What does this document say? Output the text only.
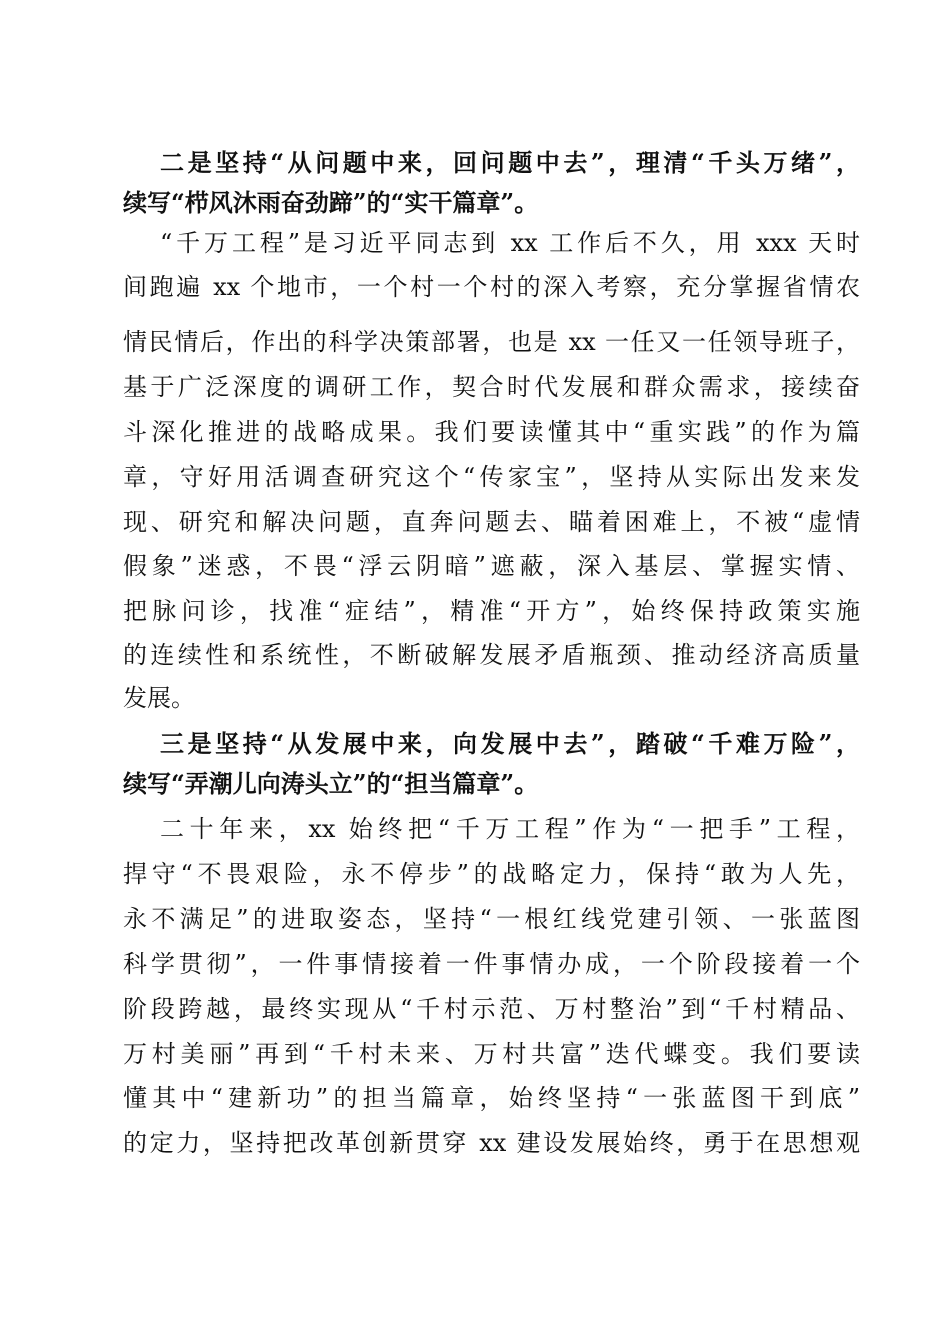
二是坚持“从问题中来，回问题中去”，理清“千头万绪”，
续写“栉风沐雨奋劲蹄”的“实干篇章”。
“千万工程”是习近平同志到 xx 工作后不久，用 xxx 天时
间跑遍 xx 个地市，一个村一个村的深入考察，充分掌握省情农
情民情后，作出的科学决策部署，也是 xx 一任又一任领导班子，
基于广泛深度的调研工作，契合时代发展和群众需求，接续奋
斗深化推进的战略成果。我们要读懂其中“重实践”的作为篇
章，守好用活调查研究这个“传家宝”，坚持从实际出发来发
现、研究和解决问题，直奔问题去、瞄着困难上，不被“虚情
假象”迷惑，不畏“浮云阴暗”遮蔽，深入基层、掌握实情、
把脉问诊，找准“症结”，精准“开方”，始终保持政策实施
的连续性和系统性，不断破解发展矛盾瓶颈、推动经济高质量
发展。
三是坚持“从发展中来，向发展中去”，踏破“千难万险”，
续写“弄潮儿向涛头立”的“担当篇章”。
二十年来，xx 始终把“千万工程”作为“一把手”工程，
捍守“不畏艰险，永不停步”的战略定力，保持“敢为人先，
永不满足”的进取姿态，坚持“一根红线党建引领、一张蓝图
科学贯彻”，一件事情接着一件事情办成，一个阶段接着一个
阶段跨越，最终实现从“千村示范、万村整治”到“千村精品、
万村美丽”再到“千村未来、万村共富”迭代蝶变。我们要读
懂其中“建新功”的担当篇章，始终坚持“一张蓝图干到底”
的定力，坚持把改革创新贯穿 xx 建设发展始终，勇于在思想观
